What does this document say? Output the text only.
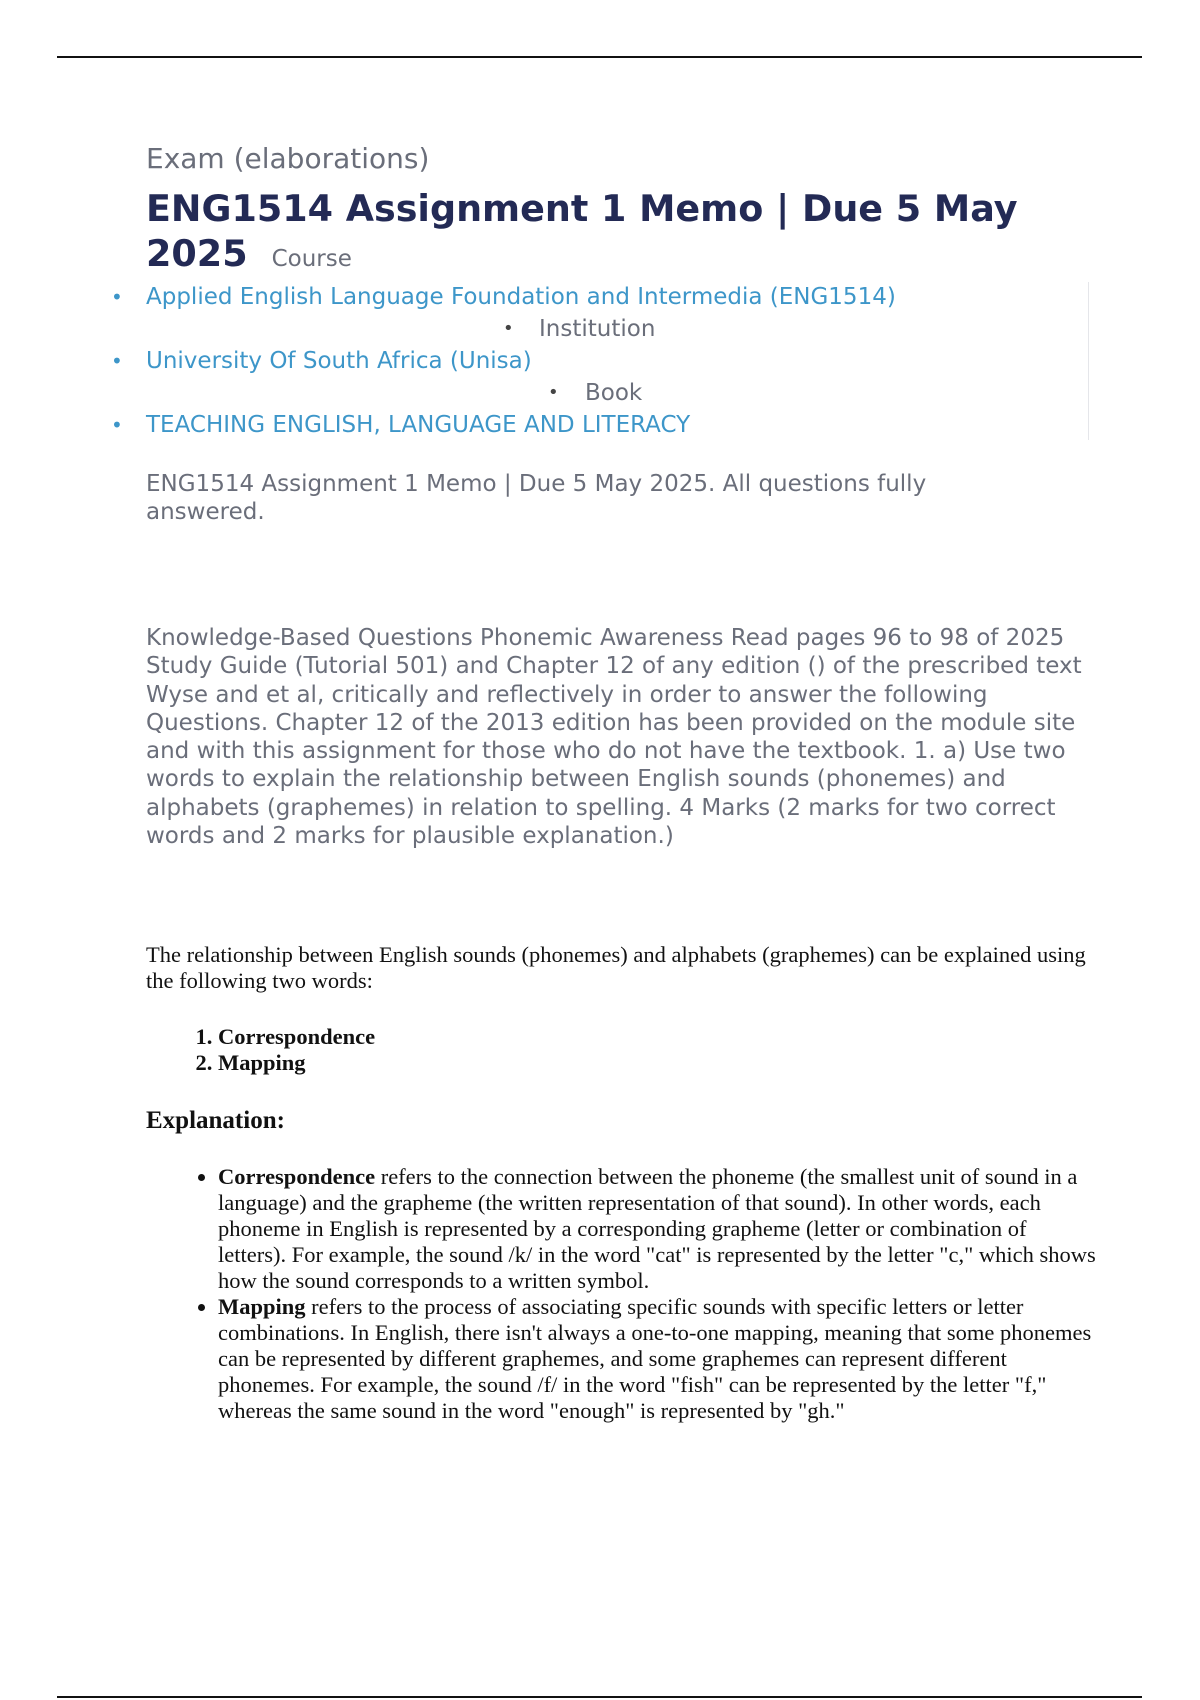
Exam (elaborations)

ENG1514 Assignment 1 Memo | Due 5 May 2025 Course
• Applied English Language Foundation and Intermedia (ENG1514)
• Institution
• University Of South Africa (Unisa)
• Book
• TEACHING ENGLISH, LANGUAGE AND LITERACY
ENG1514 Assignment 1 Memo | Due 5 May 2025. All questions fully answered.
Knowledge-Based Questions Phonemic Awareness Read pages 96 to 98 of 2025 Study Guide (Tutorial 501) and Chapter 12 of any edition () of the prescribed text Wyse and et al, critically and reflectively in order to answer the following Questions. Chapter 12 of the 2013 edition has been provided on the module site and with this assignment for those who do not have the textbook. 1. a) Use two words to explain the relationship between English sounds (phonemes) and alphabets (graphemes) in relation to spelling. 4 Marks (2 marks for two correct words and 2 marks for plausible explanation.)

The relationship between English sounds (phonemes) and alphabets (graphemes) can be explained using the following two words:

1. Correspondence
2. Mapping
Explanation:
• Correspondence refers to the connection between the phoneme (the smallest unit of sound in a language) and the grapheme (the written representation of that sound). In other words, each phoneme in English is represented by a corresponding grapheme (letter or combination of letters). For example, the sound /k/ in the word "cat" is represented by the letter "c," which shows how the sound corresponds to a written symbol.
• Mapping refers to the process of associating specific sounds with specific letters or letter combinations. In English, there isn't always a one-to-one mapping, meaning that some phonemes can be represented by different graphemes, and some graphemes can represent different phonemes. For example, the sound /f/ in the word "fish" can be represented by the letter "f," whereas the same sound in the word "enough" is represented by "gh."
